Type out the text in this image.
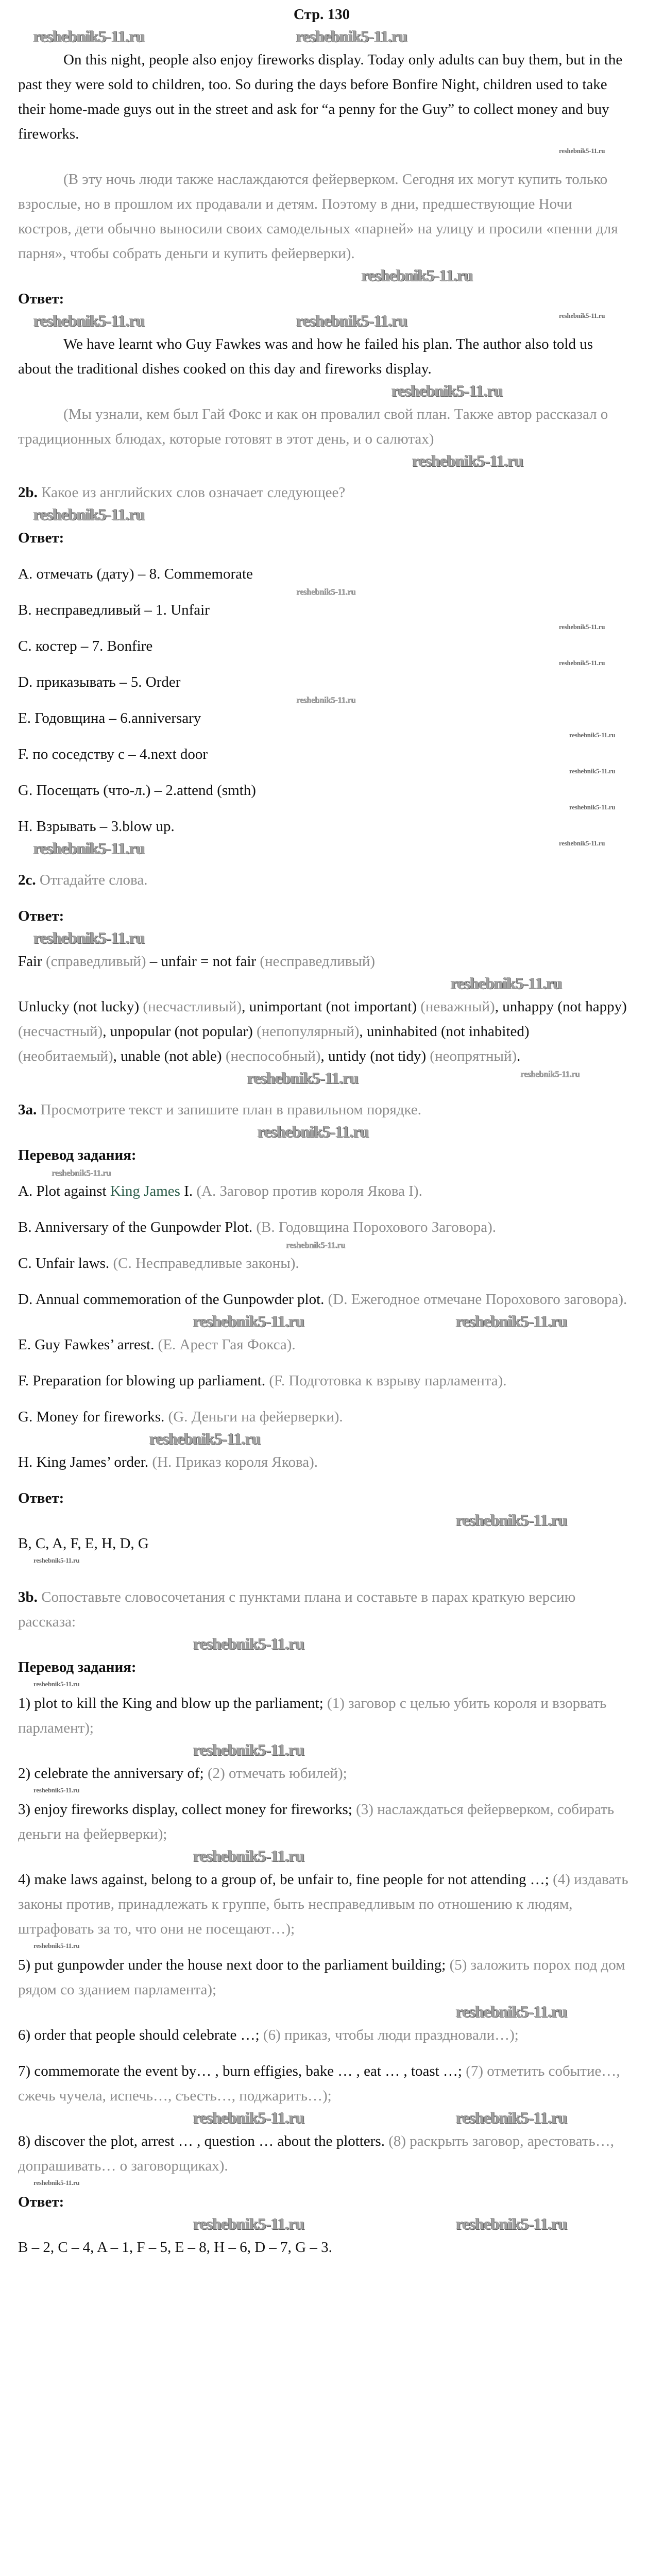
Стр. 130
reshebnik5-11.ru	reshebnik5-11.ru
On this night, people also enjoy fireworks display. Today only adults can buy them, but in the past they were sold to children, too. So during the days before Bonfire Night, children used to take their home-made guys out in the street and ask for “a penny for the Guy” to collect money and buy fireworks.
reshebnik5-11.ru
(В эту ночь люди также наслаждаются фейерверком. Сегодня их могут купить только взрослые, но в прошлом их продавали и детям. Поэтому в дни, предшествующие Ночи костров, дети обычно выносили своих самодельных «парней» на улицу и просили «пенни для парня», чтобы собрать деньги и купить фейерверки).
reshebnik5-11.ru
Ответ:
reshebnik5-11.ru	reshebnik5-11.ru	reshebnik5-11.ru
We have learnt who Guy Fawkes was and how he failed his plan. The author also told us about the traditional dishes cooked on this day and fireworks display.
reshebnik5-11.ru
(Мы узнали, кем был Гай Фокс и как он провалил свой план. Также автор рассказал о традиционных блюдах, которые готовят в этот день, и о салютах)
reshebnik5-11.ru
2b. Какое из английских слов означает следующее?
reshebnik5-11.ru
Ответ:
A. отмечать (дату) – 8. Commemorate
reshebnik5-11.ru
B. несправедливый – 1. Unfair
reshebnik5-11.ru
C. костер – 7. Bonfire
reshebnik5-11.ru
D. приказывать – 5. Order
reshebnik5-11.ru
E. Годовщина – 6.anniversary
reshebnik5-11.ru
F. по соседству с – 4.next door
reshebnik5-11.ru
G. Посещать (что-л.) – 2.attend (smth)
reshebnik5-11.ru
H. Взрывать – 3.blow up.
reshebnik5-11.ru	reshebnik5-11.ru
2c. Отгадайте слова.
Ответ:
reshebnik5-11.ru
Fair (справедливый) – unfair = not fair (несправедливый)
reshebnik5-11.ru
Unlucky (not lucky) (несчастливый), unimportant (not important) (неважный), unhappy (not happy) (несчастный), unpopular (not popular) (непопулярный), uninhabited (not inhabited) (необитаемый), unable (not able) (неспособный), untidy (not tidy) (неопрятный).
reshebnik5-11.ru	reshebnik5-11.ru
3a. Просмотрите текст и запишите план в правильном порядке.
reshebnik5-11.ru
Перевод задания:
reshebnik5-11.ru
A. Plot against King James I. (A. Заговор против короля Якова I).
B. Anniversary of the Gunpowder Plot. (B. Годовщина Порохового Заговора).
reshebnik5-11.ru
C. Unfair laws. (C. Несправедливые законы).
D. Annual commemoration of the Gunpowder plot. (D. Ежегодное отмечане Порохового заговора).
reshebnik5-11.ru	reshebnik5-11.ru
E. Guy Fawkes’ arrest. (E. Арест Гая Фокса).
F. Preparation for blowing up parliament. (F. Подготовка к взрыву парламента).
G. Money for fireworks. (G. Деньги на фейерверки).
reshebnik5-11.ru
H. King James’ order. (H. Приказ короля Якова).
Ответ:
reshebnik5-11.ru
B, C, A, F, E, H, D, G
reshebnik5-11.ru
3b. Сопоставьте словосочетания с пунктами плана и составьте в парах краткую версию рассказа:
reshebnik5-11.ru
Перевод задания:
reshebnik5-11.ru
1) plot to kill the King and blow up the parliament; (1) заговор с целью убить короля и взорвать парламент);
reshebnik5-11.ru
2) celebrate the anniversary of; (2) отмечать юбилей);
reshebnik5-11.ru
3) enjoy fireworks display, collect money for fireworks; (3) наслаждаться фейерверком, собирать деньги на фейерверки);
reshebnik5-11.ru
4) make laws against, belong to a group of, be unfair to, fine people for not attending …; (4) издавать законы против, принадлежать к группе, быть несправедливым по отношению к людям, штрафовать за то, что они не посещают…);
reshebnik5-11.ru
5) put gunpowder under the house next door to the parliament building; (5) заложить порох под дом рядом со зданием парламента);
reshebnik5-11.ru
6) order that people should celebrate …; (6) приказ, чтобы люди праздновали…);
7) commemorate the event by… , burn effigies, bake … , eat … , toast …; (7) отметить событие…, сжечь чучела, испечь…, съесть…, поджарить…);
reshebnik5-11.ru	reshebnik5-11.ru
8) discover the plot, arrest … , question … about the plotters. (8) раскрыть заговор, арестовать…, допрашивать… о заговорщиках).
reshebnik5-11.ru
Ответ:
reshebnik5-11.ru	reshebnik5-11.ru
B – 2, C – 4, A – 1, F – 5, E – 8, H – 6, D – 7, G – 3.
